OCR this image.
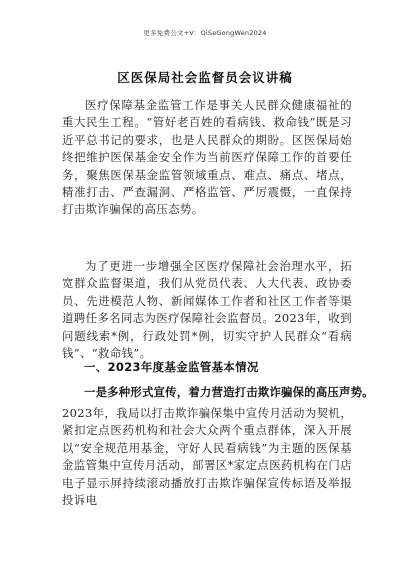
更多免费公文+V：QiSeGongWen2024
区医保局社会监督员会议讲稿
医疗保障基金监管工作是事关人民群众健康福祉的重大民生工程。“管好老百姓的看病钱、救命钱”既是习近平总书记的要求，也是人民群众的期盼。区医保局始终把维护医保基金安全作为当前医疗保障工作的首要任务，聚焦医保基金监管领域重点、难点、痛点、堵点，精准打击、严查漏洞、严格监管、严厉震慑，一直保持打击欺诈骗保的高压态势。
为了更进一步增强全区医疗保障社会治理水平，拓宽群众监督渠道，我们从党员代表、人大代表、政协委员、先进模范人物、新闻媒体工作者和社区工作者等渠道聘任多名同志为医疗保障社会监督员。2023年，收到问题线索*例，行政处罚*例，切实守护人民群众“看病钱”、“救命钱”。
一、2023年度基金监管基本情况
一是多种形式宣传，着力营造打击欺诈骗保的高压声势。
2023年，我局以打击欺诈骗保集中宣传月活动为契机，紧扣定点医药机构和社会大众两个重点群体，深入开展以“安全规范用基金，守好人民看病钱”为主题的医保基金监管集中宣传月活动，部署区*家定点医药机构在门店电子显示屏持续滚动播放打击欺诈骗保宣传标语及举报投诉电
